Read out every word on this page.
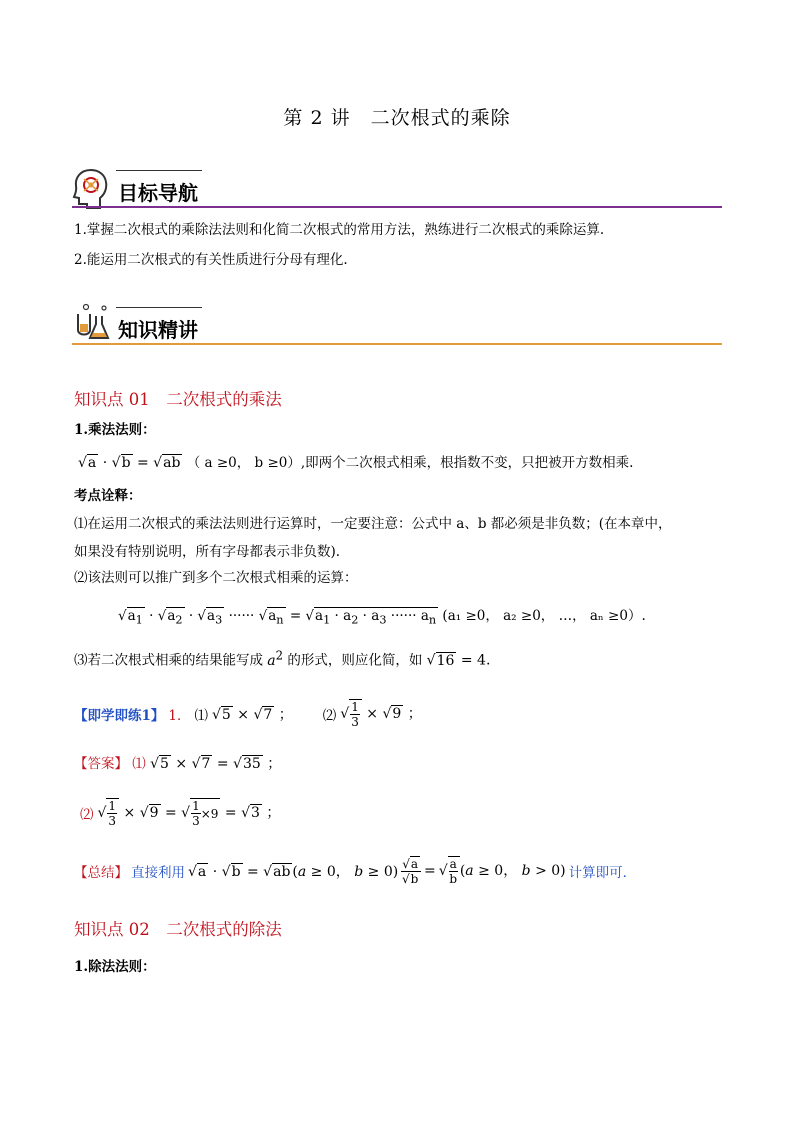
第 2 讲　二次根式的乘除
目标导航
1.掌握二次根式的乘除法法则和化简二次根式的常用方法，熟练进行二次根式的乘除运算.
2.能运用二次根式的有关性质进行分母有理化.
知识精讲
知识点 01　二次根式的乘法
1.乘法法则：
√a · √b = √ab （ a ≥0， b ≥0）,即两个二次根式相乘，根指数不变，只把被开方数相乘.
考点诠释：
⑴在运用二次根式的乘法法则进行运算时，一定要注意：公式中 a、b 都必须是非负数；(在本章中，
如果没有特别说明，所有字母都表示非负数).
⑵该法则可以推广到多个二次根式相乘的运算：
$√a_1 \cdot √a_2 \cdot √a_3$ ······ $√a_n = √a_1 \cdot a_2 \cdot a_3$ ······ $a_n$ (a₁ ≥0， a₂ ≥0， …， aₙ ≥0）.
⑶若二次根式相乘的结果能写成 $a^2$ 的形式，则应化简，如 √16 = 4.
【即学即练1】 1． ⑴ √5 × √7 ； ⑵ √ $\frac{1}{3} \times √9$ ；
【答案】 ⑴ √5 × √7 = √35 ；
⑵ √ $\frac{1}{3} \times √9$ = √ $\frac{1}{3} \times 9 = √3$ ；
【总结】 直接利用 √a · √b = √ab (a ≥ 0， $b \ge 0) \frac{√a}{√b}$ = √ $\frac{a}{b} (a \ge 0$， b > 0) 计算即可．
知识点 02　二次根式的除法
1.除法法则：
